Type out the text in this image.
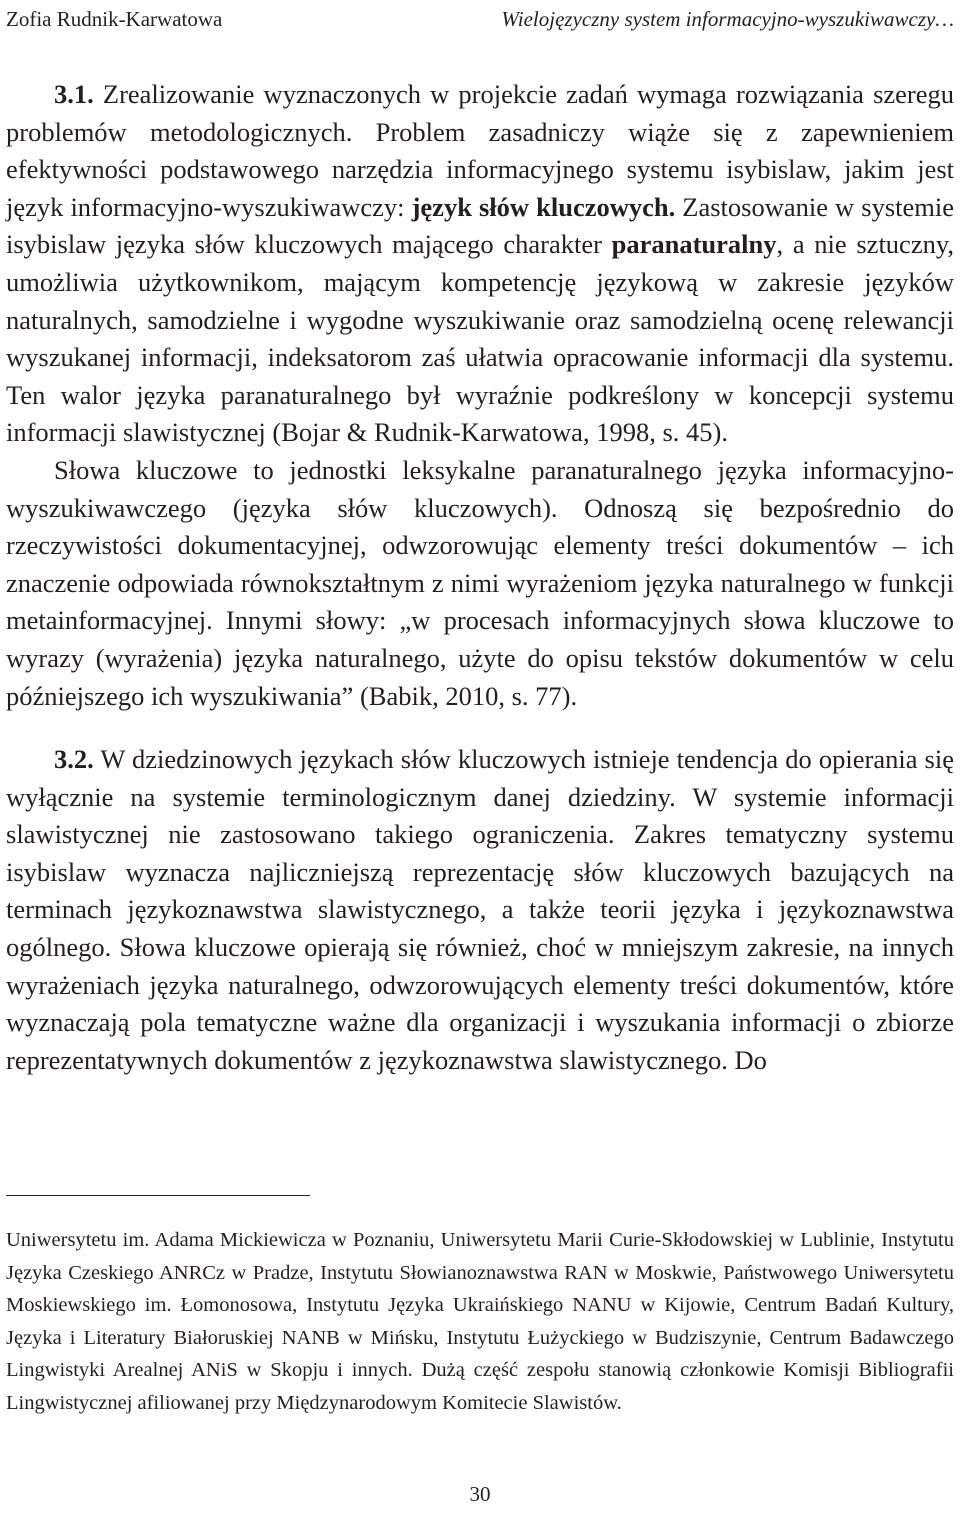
Zofia Rudnik-Karwatowa	Wielojęzyczny system informacyjno-wyszukiwawczy…

3.1. Zrealizowanie wyznaczonych w projekcie zadań wymaga rozwiązania szeregu problemów metodologicznych. Problem zasadniczy wiąże się z zapewnieniem efektywności podstawowego narzędzia informacyjnego systemu isybislaw, jakim jest język informacyjno-wyszukiwawczy: język słów kluczowych. Zastosowanie w systemie isybislaw języka słów kluczowych mającego charakter paranaturalny, a nie sztuczny, umożliwia użytkownikom, mającym kompetencję językową w zakresie języków naturalnych, samodzielne i wygodne wyszukiwanie oraz samodzielną ocenę relewancji wyszukanej informacji, indeksatorom zaś ułatwia opracowanie informacji dla systemu. Ten walor języka paranaturalnego był wyraźnie podkreślony w koncepcji systemu informacji slawistycznej (Bojar & Rudnik-Karwatowa, 1998, s. 45).

Słowa kluczowe to jednostki leksykalne paranaturalnego języka informacyjno-wyszukiwawczego (języka słów kluczowych). Odnoszą się bezpośrednio do rzeczywistości dokumentacyjnej, odwzorowując elementy treści dokumentów – ich znaczenie odpowiada równokształtnym z nimi wyrażeniom języka naturalnego w funkcji metainformacyjnej. Innymi słowy: „w procesach informacyjnych słowa kluczowe to wyrazy (wyrażenia) języka naturalnego, użyte do opisu tekstów dokumentów w celu późniejszego ich wyszukiwania” (Babik, 2010, s. 77).

3.2. W dziedzinowych językach słów kluczowych istnieje tendencja do opierania się wyłącznie na systemie terminologicznym danej dziedziny. W systemie informacji slawistycznej nie zastosowano takiego ograniczenia. Zakres tematyczny systemu isybislaw wyznacza najliczniejszą reprezentację słów kluczowych bazujących na terminach językoznawstwa slawistycznego, a także teorii języka i językoznawstwa ogólnego. Słowa kluczowe opierają się również, choć w mniejszym zakresie, na innych wyrażeniach języka naturalnego, odwzorowujących elementy treści dokumentów, które wyznaczają pola tematyczne ważne dla organizacji i wyszukania informacji o zbiorze reprezentatywnych dokumentów z językoznawstwa slawistycznego. Do

Uniwersytetu im. Adama Mickiewicza w Poznaniu, Uniwersytetu Marii Curie-Skłodowskiej w Lublinie, Instytutu Języka Czeskiego ANRCz w Pradze, Instytutu Słowianoznawstwa RAN w Moskwie, Państwowego Uniwersytetu Moskiewskiego im. Łomonosowa, Instytutu Języka Ukraińskiego NANU w Kijowie, Centrum Badań Kultury, Języka i Literatury Białoruskiej NANB w Mińsku, Instytutu Łużyckiego w Budziszynie, Centrum Badawczego Lingwistyki Arealnej ANiS w Skopju i innych. Dużą część zespołu stanowią członkowie Komisji Bibliografii Lingwistycznej afiliowanej przy Międzynarodowym Komitecie Slawistów.

30
